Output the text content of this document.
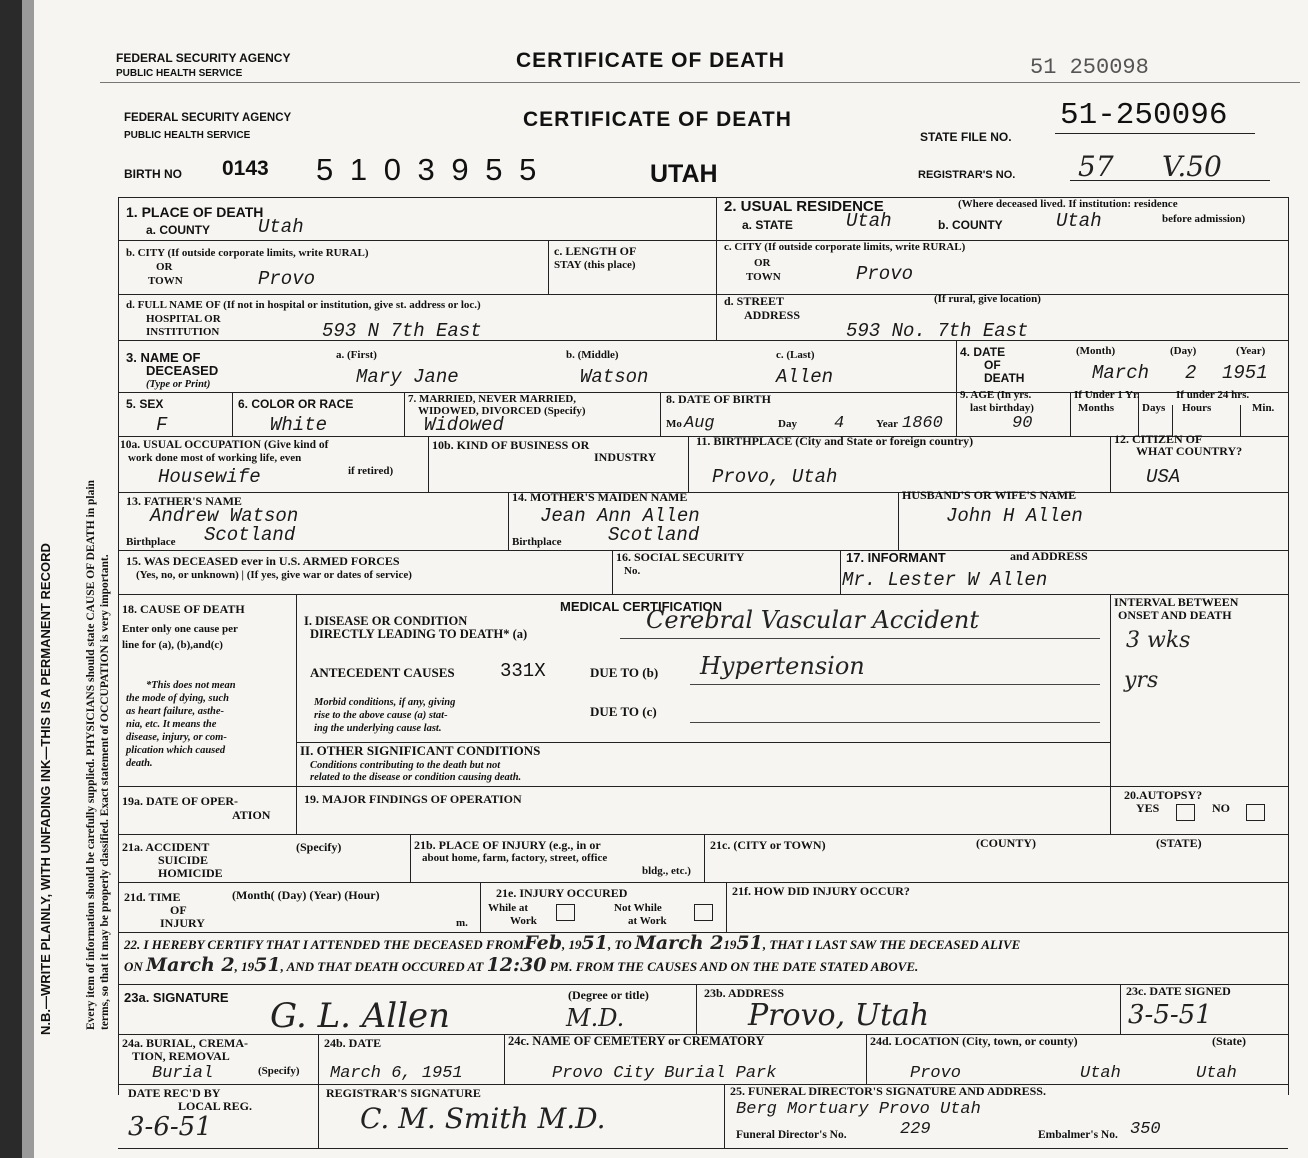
FEDERAL SECURITY AGENCY
PUBLIC HEALTH SERVICE
CERTIFICATE OF DEATH	51 250098
N.B.—WRITE PLAINLY, WITH UNFADING INK—THIS IS A PERMANENT RECORD	Every item of information should be carefully supplied. PHYSICIANS should state CAUSE OF DEATH in plain terms, so that it may be properly classified. Exact statement of OCCUPATION is very important.
FEDERAL SECURITY AGENCY
PUBLIC HEALTH SERVICE
CERTIFICATE OF DEATH
STATE FILE NO.
51-250096
BIRTH NO 0143 5 1 0 3 9 5 5	UTAH	REGISTRAR'S NO. 57 V.50
1. PLACE OF DEATH
a. COUNTY	Utah
2. USUAL RESIDENCE	(Where deceased lived. If institution: residence
before admission)
a. STATE	Utah	b. COUNTY	Utah
b. CITY (If outside corporate limits, write RURAL)
OR
TOWN	Provo
c. LENGTH OF
STAY (this place)
c. CITY (If outside corporate limits, write RURAL)
OR
TOWN	Provo
d. FULL NAME OF (If not in hospital or institution, give st. address or loc.)
HOSPITAL OR
INSTITUTION	593 N 7th East
d. STREET
ADDRESS
(If rural, give location)
593 No. 7th East
3. NAME OF
DECEASED
(Type or Print)
a. (First)	b. (Middle)	c. (Last)
Mary Jane	Watson	Allen
4. DATE
OF
DEATH
(Month)	(Day)	(Year)
March 2 1951
5. SEX
F
6. COLOR OR RACE
White
7. MARRIED, NEVER MARRIED,
WIDOWED, DIVORCED (Specify)
Widowed
8. DATE OF BIRTH
Mo Aug	Day 4	Year 1860
9. AGE (In yrs.
last birthday)
90
If Under 1 Yr.
Months	Days
If under 24 hrs.
Hours	Min.
10a. USUAL OCCUPATION (Give kind of
work done most of working life, even
if retired)
Housewife
10b. KIND OF BUSINESS OR
INDUSTRY
11. BIRTHPLACE (City and State or foreign country)
Provo, Utah
12. CITIZEN OF
WHAT COUNTRY?
USA
13. FATHER'S NAME
Andrew Watson
Birthplace Scotland
14. MOTHER'S MAIDEN NAME
Jean Ann Allen
Birthplace Scotland
HUSBAND'S OR WIFE'S NAME
John H Allen
15. WAS DECEASED ever in U.S. ARMED FORCES
(Yes, no, or unknown) | (If yes, give war or dates of service)
16. SOCIAL SECURITY
No.
17. INFORMANT	and ADDRESS
Mr. Lester W Allen
MEDICAL CERTIFICATION
18. CAUSE OF DEATH
Enter only one cause per
line for (a), (b),and(c)
*This does not mean
the mode of dying, such
as heart failure, asthe-
nia, etc. It means the
disease, injury, or com-
plication which caused
death.
I. DISEASE OR CONDITION
DIRECTLY LEADING TO DEATH* (a)	Cerebral Vascular Accident
ANTECEDENT CAUSES 331X	DUE TO (b) Hypertension
Morbid conditions, if any, giving
rise to the above cause (a) stat-
ing the underlying cause last.
DUE TO (c)
II. OTHER SIGNIFICANT CONDITIONS
Conditions contributing to the death but not
related to the disease or condition causing death.
INTERVAL BETWEEN
ONSET AND DEATH
3 wks
yrs
19a. DATE OF OPER-
ATION
19. MAJOR FINDINGS OF OPERATION	20.AUTOPSY?
YES	NO
21a. ACCIDENT
SUICIDE
HOMICIDE
(Specify)	21b. PLACE OF INJURY (e.g., in or
about home, farm, factory, street, office
bldg., etc.)
21c. (CITY or TOWN)	(COUNTY)	(STATE)
21d. TIME
OF
INJURY
(Month( (Day) (Year) (Hour)
m.
21e. INJURY OCCURED
While at
Work
Not While
at Work
21f. HOW DID INJURY OCCUR?
22. I HEREBY CERTIFY THAT I ATTENDED THE DECEASED FROMFeb, 1951, TO March 21951, THAT I LAST SAW THE DECEASED ALIVE
ON March 2, 1951, AND THAT DEATH OCCURED AT 12:30 PM. FROM THE CAUSES AND ON THE DATE STATED ABOVE.
23a. SIGNATURE	(Degree or title)
G. L. Allen	M.D.
23b. ADDRESS
Provo, Utah
23c. DATE SIGNED
3-5-51
24a. BURIAL, CREMA-
TION, REMOVAL
(Specify)
Burial
24b. DATE
March 6, 1951
24c. NAME OF CEMETERY or CREMATORY
Provo City Burial Park
24d. LOCATION (City, town, or county)	(State)
Provo	Utah	Utah
DATE REC'D BY
LOCAL REG.
3-6-51
REGISTRAR'S SIGNATURE
C. M. Smith M.D.
25. FUNERAL DIRECTOR'S SIGNATURE AND ADDRESS.
Berg Mortuary Provo Utah
Funeral Director's No.	229	Embalmer's No. 350
